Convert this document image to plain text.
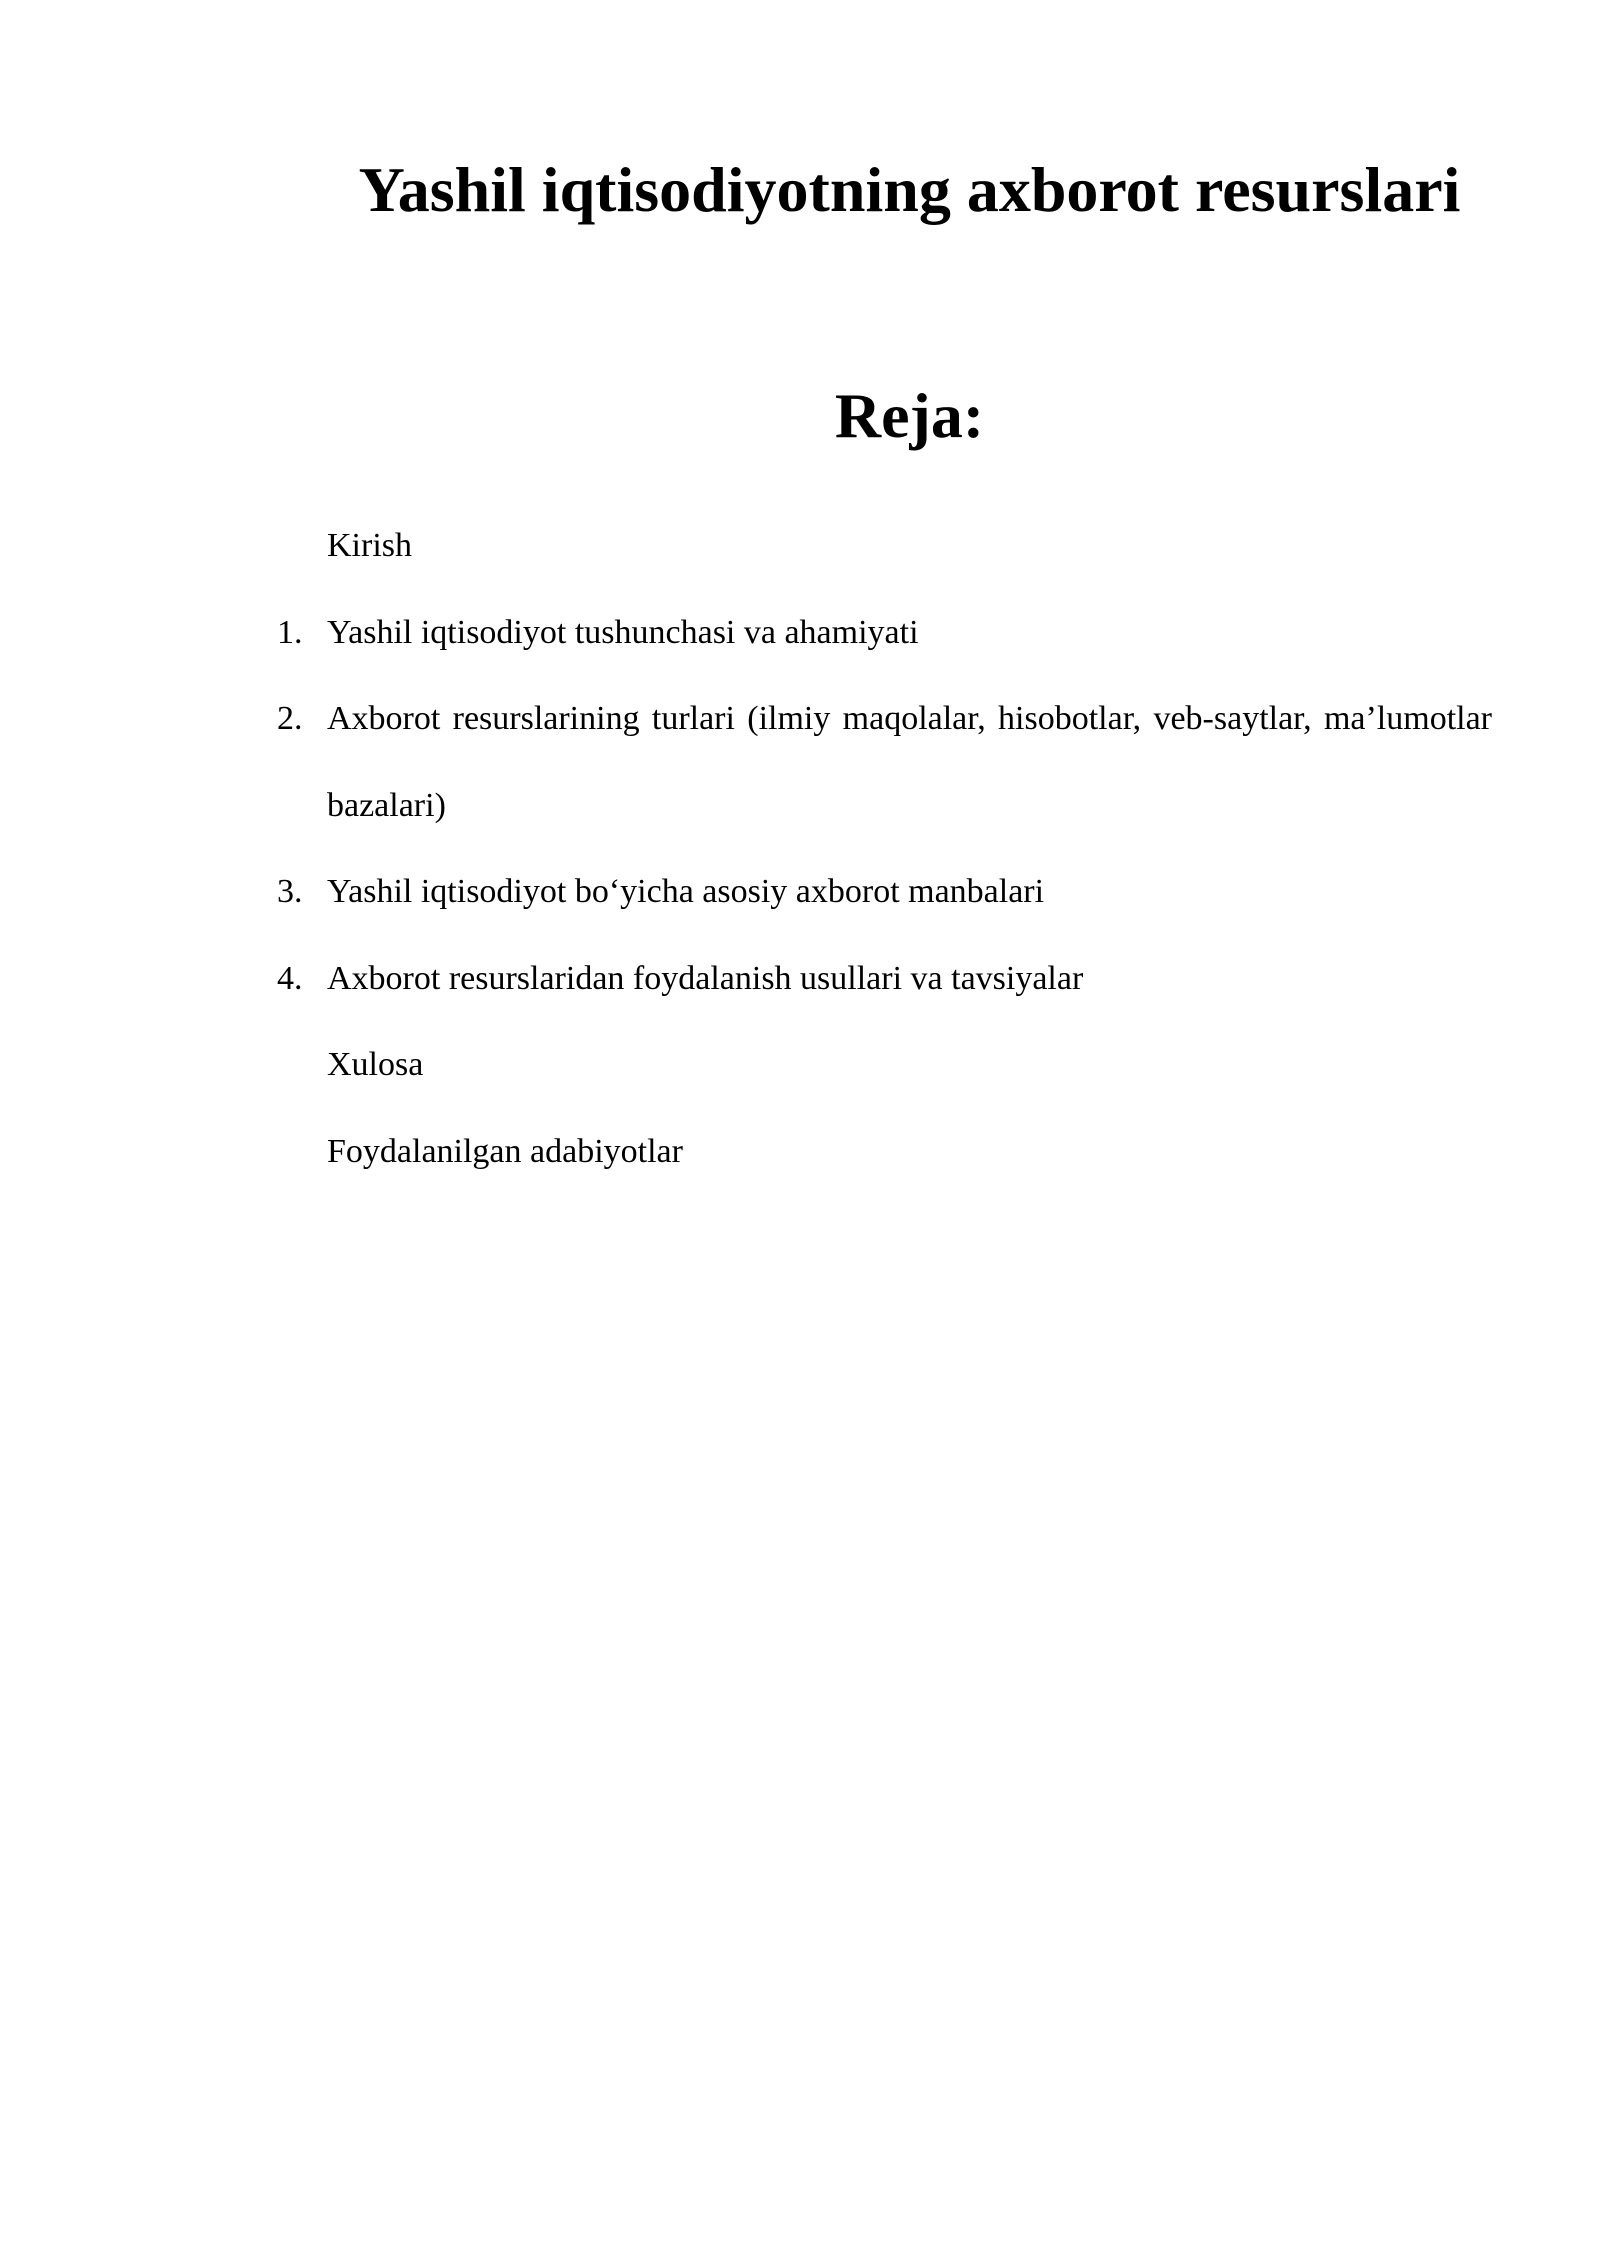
Yashil iqtisodiyotning axborot resurslari
Reja:
Kirish
1. Yashil iqtisodiyot tushunchasi va ahamiyati
2. Axborot resurslarining turlari (ilmiy maqolalar, hisobotlar, veb-saytlar, ma’lumotlar bazalari)
3. Yashil iqtisodiyot bo‘yicha asosiy axborot manbalari
4. Axborot resurslaridan foydalanish usullari va tavsiyalar
Xulosa
Foydalanilgan adabiyotlar
